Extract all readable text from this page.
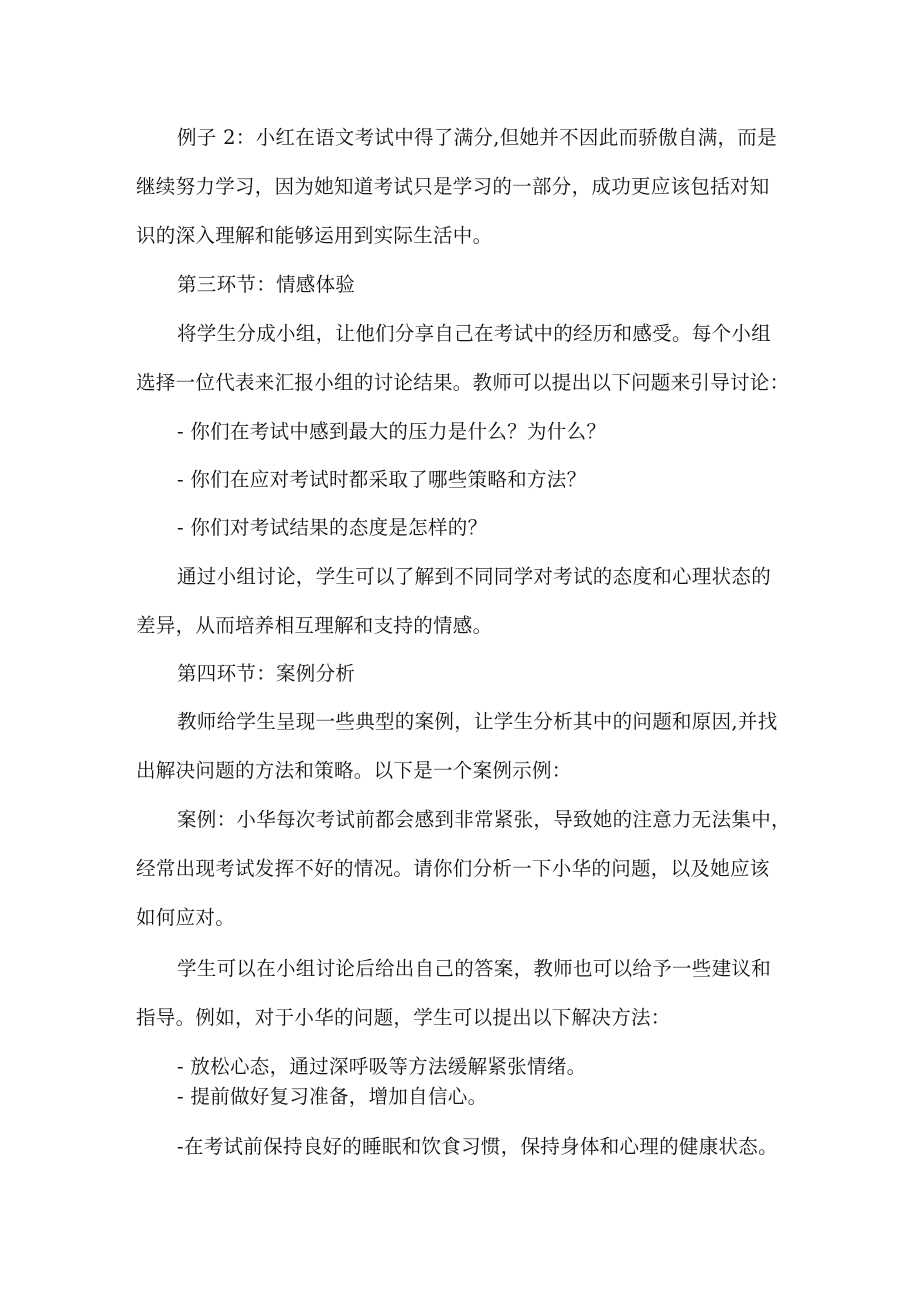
例子 2：小红在语文考试中得了满分,但她并不因此而骄傲自满，而是
继续努力学习，因为她知道考试只是学习的一部分，成功更应该包括对知
识的深入理解和能够运用到实际生活中。
第三环节：情感体验
将学生分成小组，让他们分享自己在考试中的经历和感受。每个小组
选择一位代表来汇报小组的讨论结果。教师可以提出以下问题来引导讨论：
- 你们在考试中感到最大的压力是什么？为什么？
- 你们在应对考试时都采取了哪些策略和方法？
- 你们对考试结果的态度是怎样的？
通过小组讨论，学生可以了解到不同同学对考试的态度和心理状态的
差异，从而培养相互理解和支持的情感。
第四环节：案例分析
教师给学生呈现一些典型的案例，让学生分析其中的问题和原因,并找
出解决问题的方法和策略。以下是一个案例示例：
案例：小华每次考试前都会感到非常紧张，导致她的注意力无法集中，
经常出现考试发挥不好的情况。请你们分析一下小华的问题，以及她应该
如何应对。
学生可以在小组讨论后给出自己的答案，教师也可以给予一些建议和
指导。例如，对于小华的问题，学生可以提出以下解决方法：
- 放松心态，通过深呼吸等方法缓解紧张情绪。
- 提前做好复习准备，增加自信心。
-在考试前保持良好的睡眠和饮食习惯，保持身体和心理的健康状态。
